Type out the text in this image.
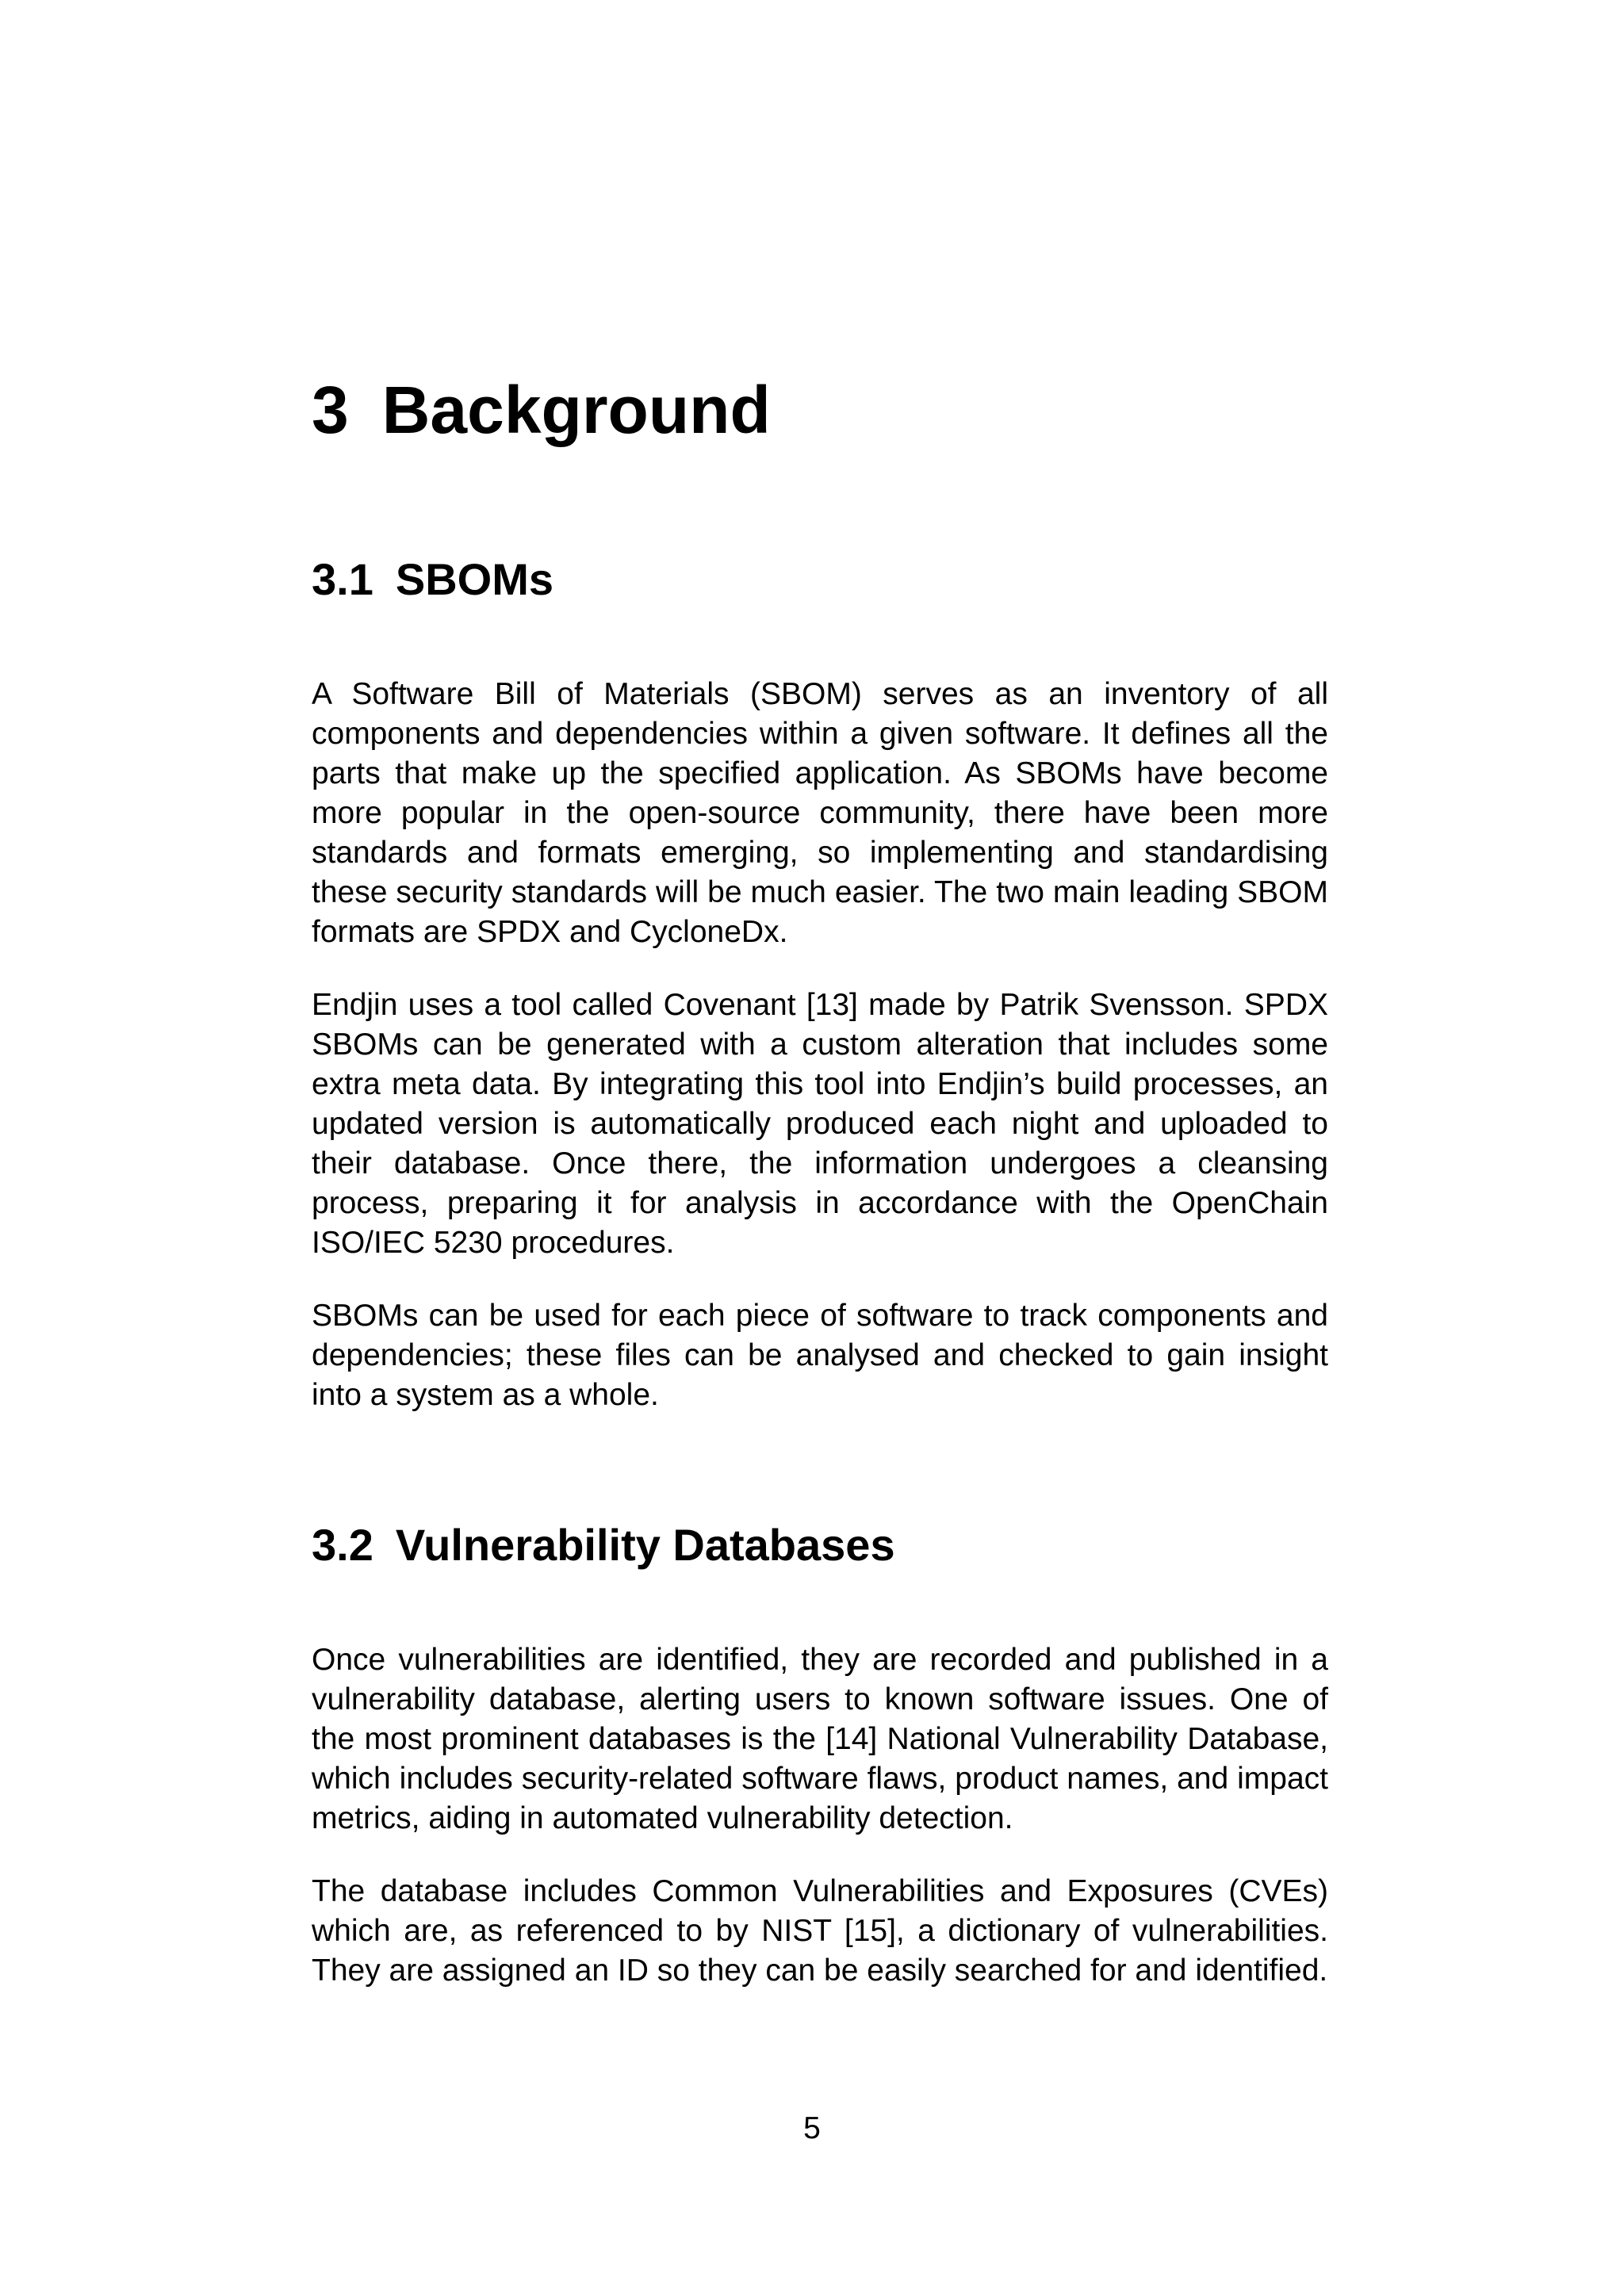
3 Background
3.1 SBOMs

A Software Bill of Materials (SBOM) serves as an inventory of all components and dependencies within a given software. It defines all the parts that make up the specified application. As SBOMs have become more popular in the open-source community, there have been more standards and formats emerging, so implementing and standardising these security standards will be much easier. The two main leading SBOM formats are SPDX and CycloneDx.

Endjin uses a tool called Covenant [13] made by Patrik Svensson. SPDX SBOMs can be generated with a custom alteration that includes some extra meta data. By integrating this tool into Endjin’s build processes, an updated version is automatically produced each night and uploaded to their database. Once there, the information undergoes a cleansing process, preparing it for analysis in accordance with the OpenChain ISO/IEC 5230 procedures.

SBOMs can be used for each piece of software to track components and dependencies; these files can be analysed and checked to gain insight into a system as a whole.

3.2 Vulnerability Databases

Once vulnerabilities are identified, they are recorded and published in a vulnerability database, alerting users to known software issues. One of the most prominent databases is the [14] National Vulnerability Database, which includes security-related software flaws, product names, and impact metrics, aiding in automated vulnerability detection.

The database includes Common Vulnerabilities and Exposures (CVEs) which are, as referenced to by NIST [15], a dictionary of vulnerabilities. They are assigned an ID so they can be easily searched for and identified.

5
